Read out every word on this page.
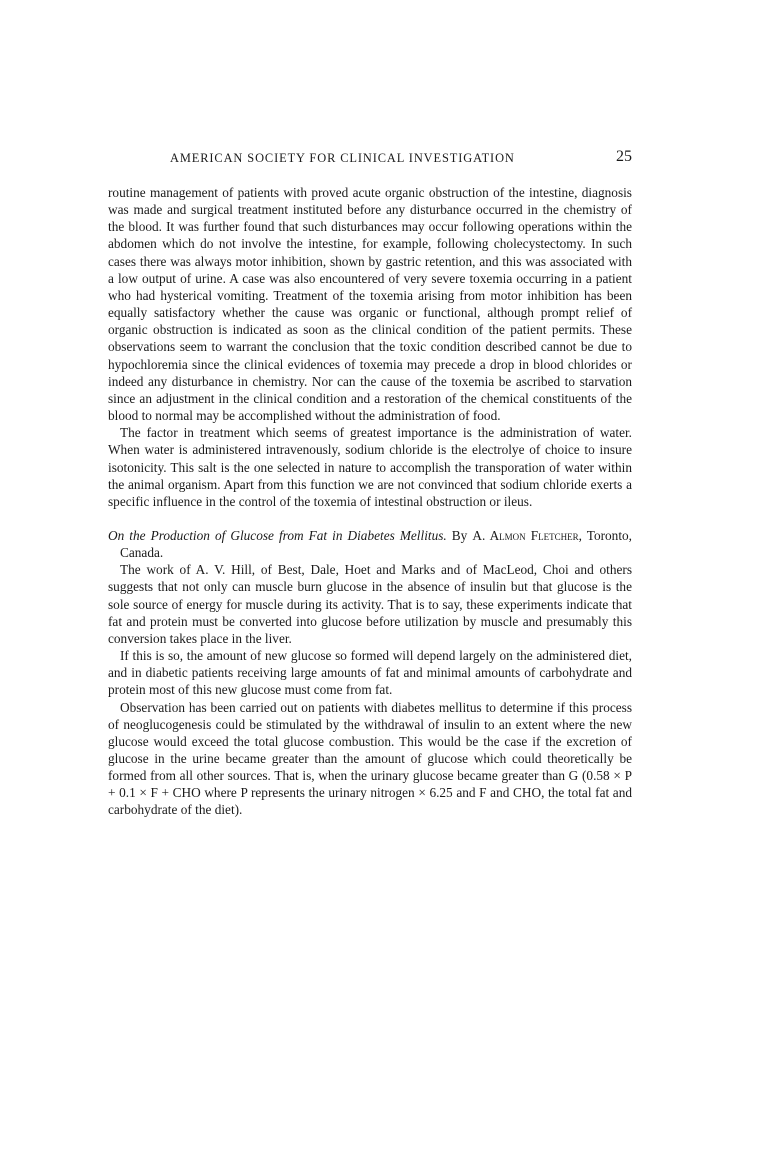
AMERICAN SOCIETY FOR CLINICAL INVESTIGATION	25

routine management of patients with proved acute organic obstruction of the intestine, diagnosis was made and surgical treatment instituted before any disturbance occurred in the chemistry of the blood. It was further found that such disturbances may occur following operations within the abdomen which do not involve the intestine, for example, following cholecystectomy. In such cases there was always motor inhibition, shown by gastric retention, and this was associated with a low output of urine. A case was also encountered of very severe toxemia occurring in a patient who had hysterical vomiting. Treatment of the toxemia arising from motor inhibition has been equally satisfactory whether the cause was organic or functional, although prompt relief of organic obstruction is indicated as soon as the clinical condition of the patient permits. These observations seem to warrant the conclusion that the toxic condition described cannot be due to hypochloremia since the clinical evidences of toxemia may precede a drop in blood chlorides or indeed any disturbance in chemistry. Nor can the cause of the toxemia be ascribed to starvation since an adjustment in the clinical condition and a restoration of the chemical constituents of the blood to normal may be accomplished without the administration of food.

The factor in treatment which seems of greatest importance is the administration of water. When water is administered intravenously, sodium chloride is the electrolye of choice to insure isotonicity. This salt is the one selected in nature to accomplish the transporation of water within the animal organism. Apart from this function we are not convinced that sodium chloride exerts a specific influence in the control of the toxemia of intestinal obstruction or ileus.

On the Production of Glucose from Fat in Diabetes Mellitus. By A. Almon Fletcher, Toronto, Canada.

The work of A. V. Hill, of Best, Dale, Hoet and Marks and of MacLeod, Choi and others suggests that not only can muscle burn glucose in the absence of insulin but that glucose is the sole source of energy for muscle during its activity. That is to say, these experiments indicate that fat and protein must be converted into glucose before utilization by muscle and presumably this conversion takes place in the liver.

If this is so, the amount of new glucose so formed will depend largely on the administered diet, and in diabetic patients receiving large amounts of fat and minimal amounts of carbohydrate and protein most of this new glucose must come from fat.

Observation has been carried out on patients with diabetes mellitus to determine if this process of neoglucogenesis could be stimulated by the withdrawal of insulin to an extent where the new glucose would exceed the total glucose combustion. This would be the case if the excretion of glucose in the urine became greater than the amount of glucose which could theoretically be formed from all other sources. That is, when the urinary glucose became greater than G (0.58 × P + 0.1 × F + CHO where P represents the urinary nitrogen × 6.25 and F and CHO, the total fat and carbohydrate of the diet).
